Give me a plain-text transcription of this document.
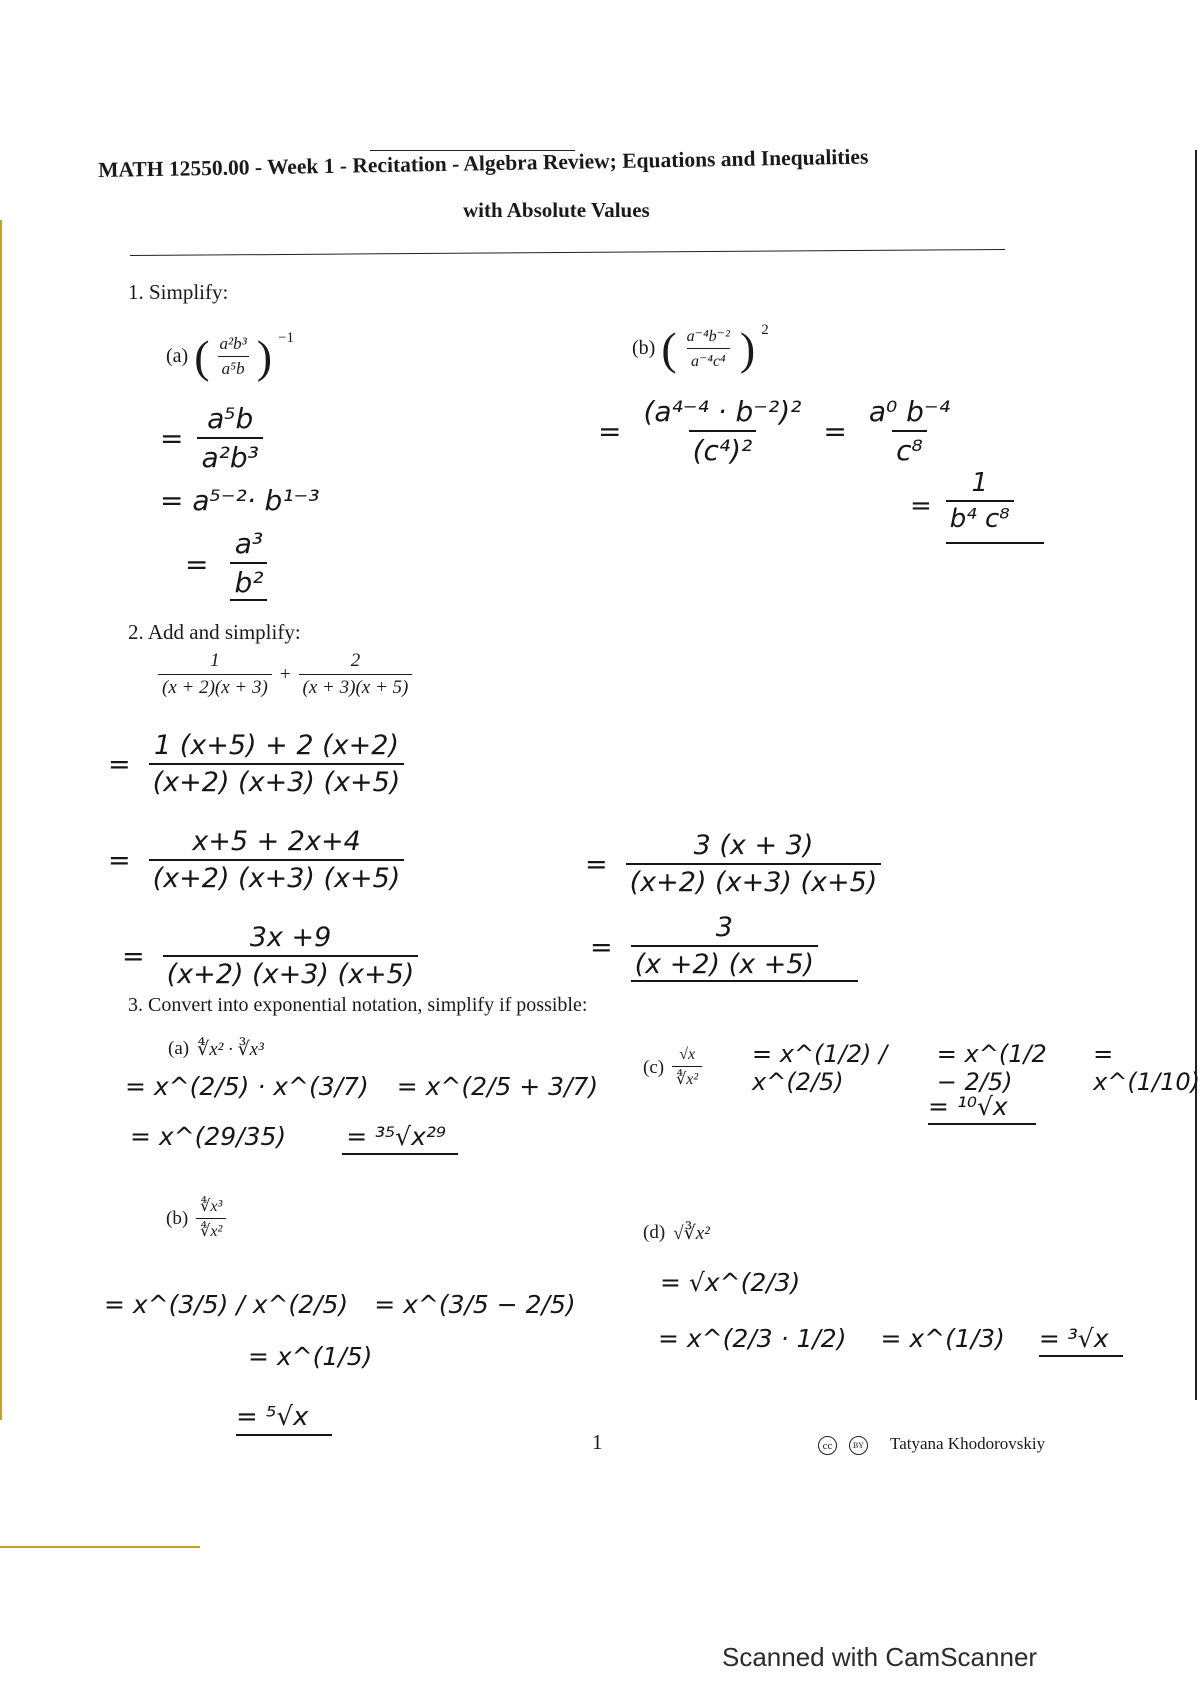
MATH 12550.00 - Week 1 - Recitation - Algebra Review; Equations and Inequalities
with Absolute Values
1. Simplify:
(a) ( $\frac{\text{a²b³}}{\text{a⁵b}}$ ) $^{-1}$
= $\frac{\text{a⁵b}}{\text{a²b³}}$
= a⁵⁻²· b¹⁻³
= $\frac{\text{a³}}{\text{b²}}$
(b) ( $\frac{\text{a⁻⁴b⁻²}}{\text{a⁻⁴c⁴}}$ ) $^2$
= $\frac{\text{(a⁴⁻⁴ · b⁻²)²}}{\text{(c⁴)²}} = \frac{\text{a⁰ b⁻⁴}}{\text{c⁸}}$
= $\frac{1}{\text{b⁴ c⁸}}$
2. Add and simplify:
$\frac{1}{(x + 2)(x + 3)} + \frac{2}{(x + 3)(x + 5)}$
= $\frac{1 (x+5) + 2 (x+2)}{(x+2) (x+3) (x+5)}$
= $\frac{x+5 + 2x+4}{(x+2) (x+3) (x+5)}$
= $\frac{3x +9}{(x+2) (x+3) (x+5)}$
= $\frac{3 (x + 3)}{(x+2) (x+3) (x+5)}$
= $\frac{3}{(x +2) (x +5)}$
3. Convert into exponential notation, simplify if possible:
(a) ∜x² · ∛x³
= x^(2/5) · x^(3/7) = x^(2/5 + 3/7)
= x^(29/35) = ³⁵√x²⁹
$(b) \frac{\text{∜x³}}{\text{∜x²}}$
= x^(3/5) / x^(2/5) = x^(3/5 − 2/5)
= x^(1/5)
= ⁵√x
$(c) \frac{√x}{\text{∜x²}}$ = x^(1/2) / x^(2/5)
= x^(1/2 − 2/5)
= x^(1/10)
= ¹⁰√x
(d) √∛x²
= √x^(2/3)
= x^(2/3 · 1/2) = x^(1/3) = ³√x
1	cc	BY Tatyana Khodorovskiy
Scanned with CamScanner
